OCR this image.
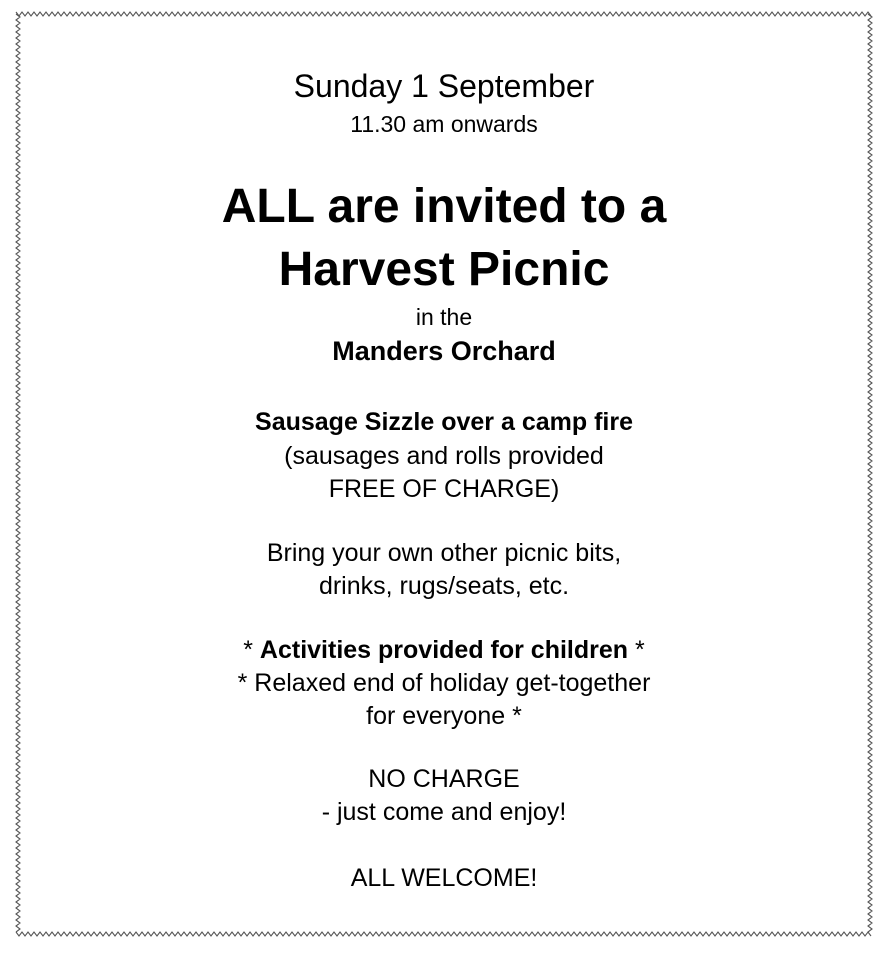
Sunday 1 September
11.30 am onwards
ALL are invited to a
Harvest Picnic
in the
Manders Orchard
Sausage Sizzle over a camp fire
(sausages and rolls provided
FREE OF CHARGE)
Bring your own other picnic bits,
drinks, rugs/seats, etc.
* Activities provided for children *
* Relaxed end of holiday get-together
for everyone *
NO CHARGE
- just come and enjoy!
ALL WELCOME!
